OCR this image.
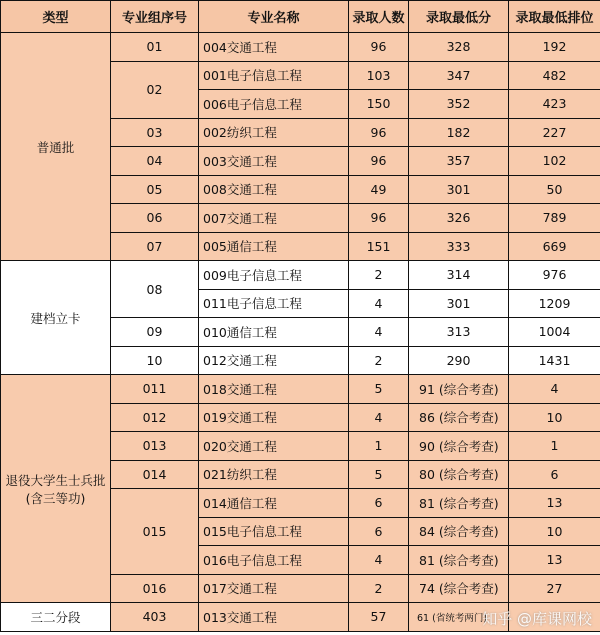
类型	专业组序号	专业名称	录取人数	录取最低分	录取最低排位
普通批	01	004交通工程	96	328	192
	02	001电子信息工程	103	347	482
		006电子信息工程	150	352	423
	03	002纺织工程	96	182	227
	04	003交通工程	96	357	102
	05	008交通工程	49	301	50
	06	007交通工程	96	326	789
	07	005通信工程	151	333	669
建档立卡	08	009电子信息工程	2	314	976
		011电子信息工程	4	301	1209
	09	010通信工程	4	313	1004
	10	012交通工程	2	290	1431

退役大学生士兵批
(含三等功)	011	018交通工程	5	91 (综合考查)	4
	012	019交通工程	4	86 (综合考查)	10
	013	020交通工程	1	90 (综合考查)	1
	014	021纺织工程	5	80 (综合考查)	6
	015	014通信工程	6	81 (综合考查)	13
		015电子信息工程	6	84 (综合考查)	10
		016电子信息工程	4	81 (综合考查)	13
	016	017交通工程	2	74 (综合考查)	27
三二分段	403	013交通工程	57	61 (省统考两门)	
知乎 @库课网校
